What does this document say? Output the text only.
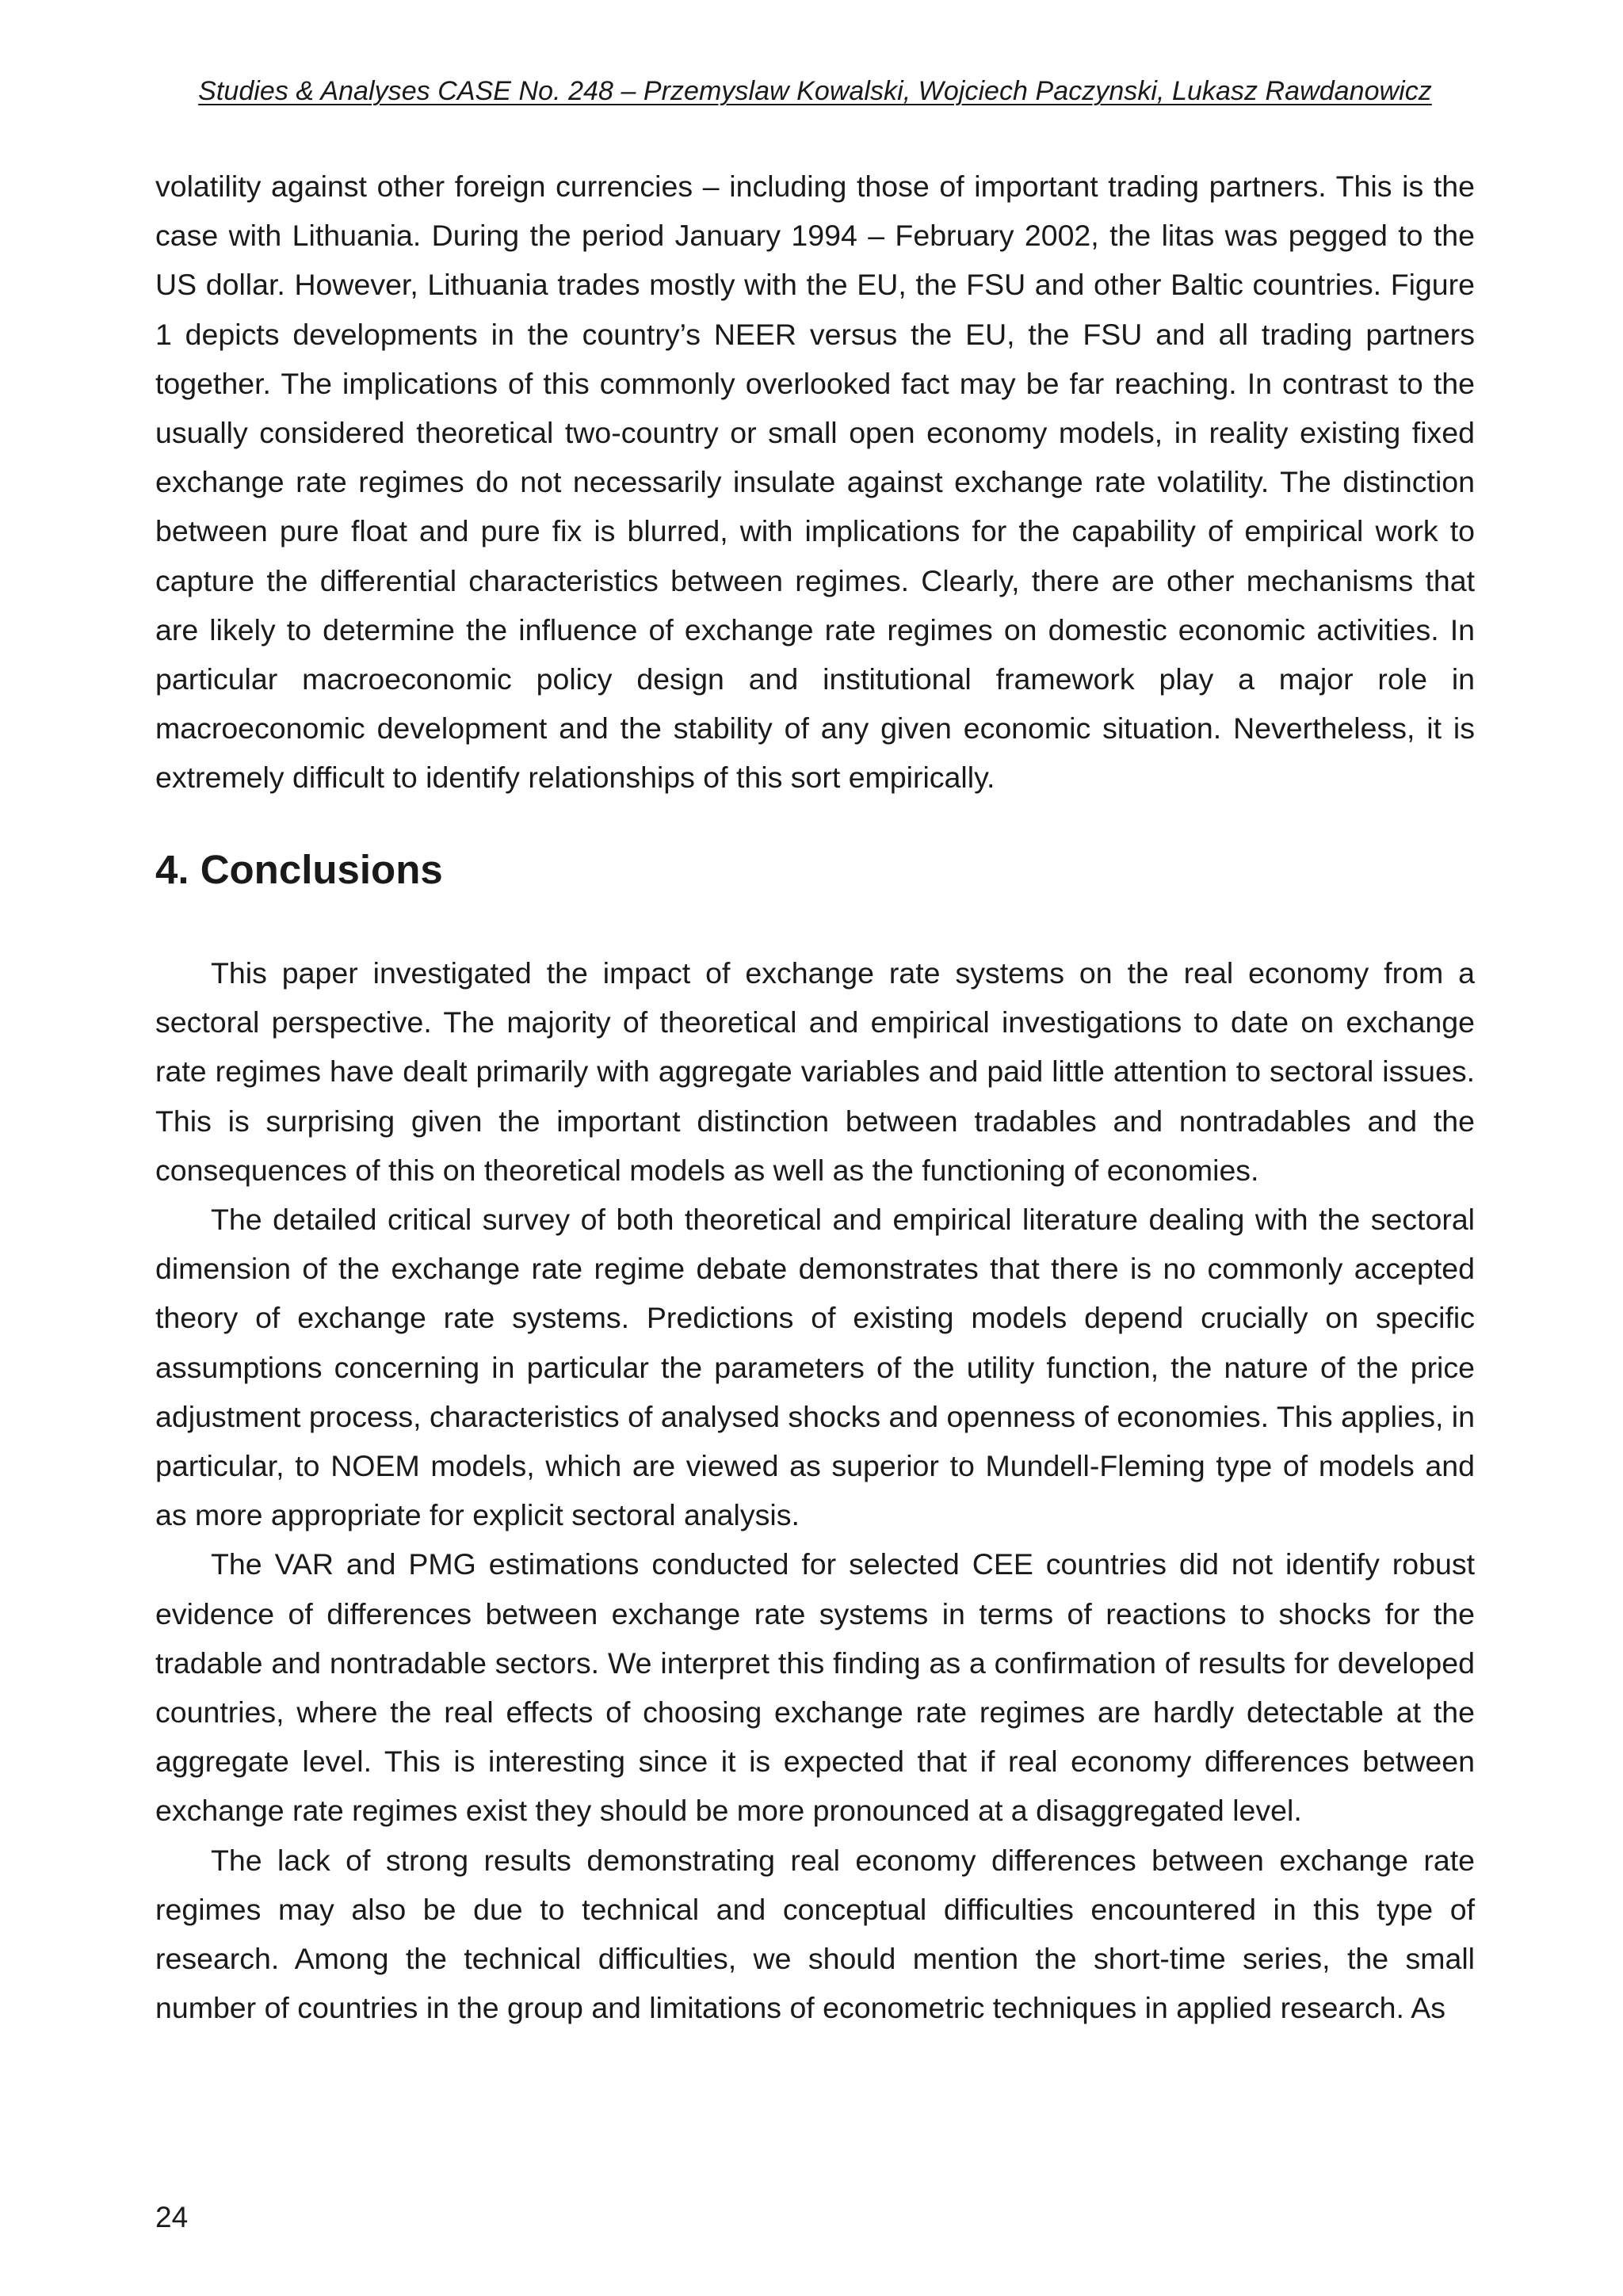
Studies & Analyses CASE No. 248 – Przemyslaw Kowalski, Wojciech Paczynski, Lukasz Rawdanowicz

volatility against other foreign currencies – including those of important trading partners. This is the case with Lithuania. During the period January 1994 – February 2002, the litas was pegged to the US dollar. However, Lithuania trades mostly with the EU, the FSU and other Baltic countries. Figure 1 depicts developments in the country’s NEER versus the EU, the FSU and all trading partners together. The implications of this commonly overlooked fact may be far reaching. In contrast to the usually considered theoretical two-country or small open economy models, in reality existing fixed exchange rate regimes do not necessarily insulate against exchange rate volatility. The distinction between pure float and pure fix is blurred, with implications for the capability of empirical work to capture the differential characteristics between regimes. Clearly, there are other mechanisms that are likely to determine the influence of exchange rate regimes on domestic economic activities. In particular macroeconomic policy design and institutional framework play a major role in macroeconomic development and the stability of any given economic situation. Nevertheless, it is extremely difficult to identify relationships of this sort empirically.

4. Conclusions

This paper investigated the impact of exchange rate systems on the real economy from a sectoral perspective. The majority of theoretical and empirical investigations to date on exchange rate regimes have dealt primarily with aggregate variables and paid little attention to sectoral issues. This is surprising given the important distinction between tradables and nontradables and the consequences of this on theoretical models as well as the functioning of economies.

The detailed critical survey of both theoretical and empirical literature dealing with the sectoral dimension of the exchange rate regime debate demonstrates that there is no commonly accepted theory of exchange rate systems. Predictions of existing models depend crucially on specific assumptions concerning in particular the parameters of the utility function, the nature of the price adjustment process, characteristics of analysed shocks and openness of economies. This applies, in particular, to NOEM models, which are viewed as superior to Mundell-Fleming type of models and as more appropriate for explicit sectoral analysis.

The VAR and PMG estimations conducted for selected CEE countries did not identify robust evidence of differences between exchange rate systems in terms of reactions to shocks for the tradable and nontradable sectors. We interpret this finding as a confirmation of results for developed countries, where the real effects of choosing exchange rate regimes are hardly detectable at the aggregate level. This is interesting since it is expected that if real economy differences between exchange rate regimes exist they should be more pronounced at a disaggregated level.

The lack of strong results demonstrating real economy differences between exchange rate regimes may also be due to technical and conceptual difficulties encountered in this type of research. Among the technical difficulties, we should mention the short-time series, the small number of countries in the group and limitations of econometric techniques in applied research. As

24
